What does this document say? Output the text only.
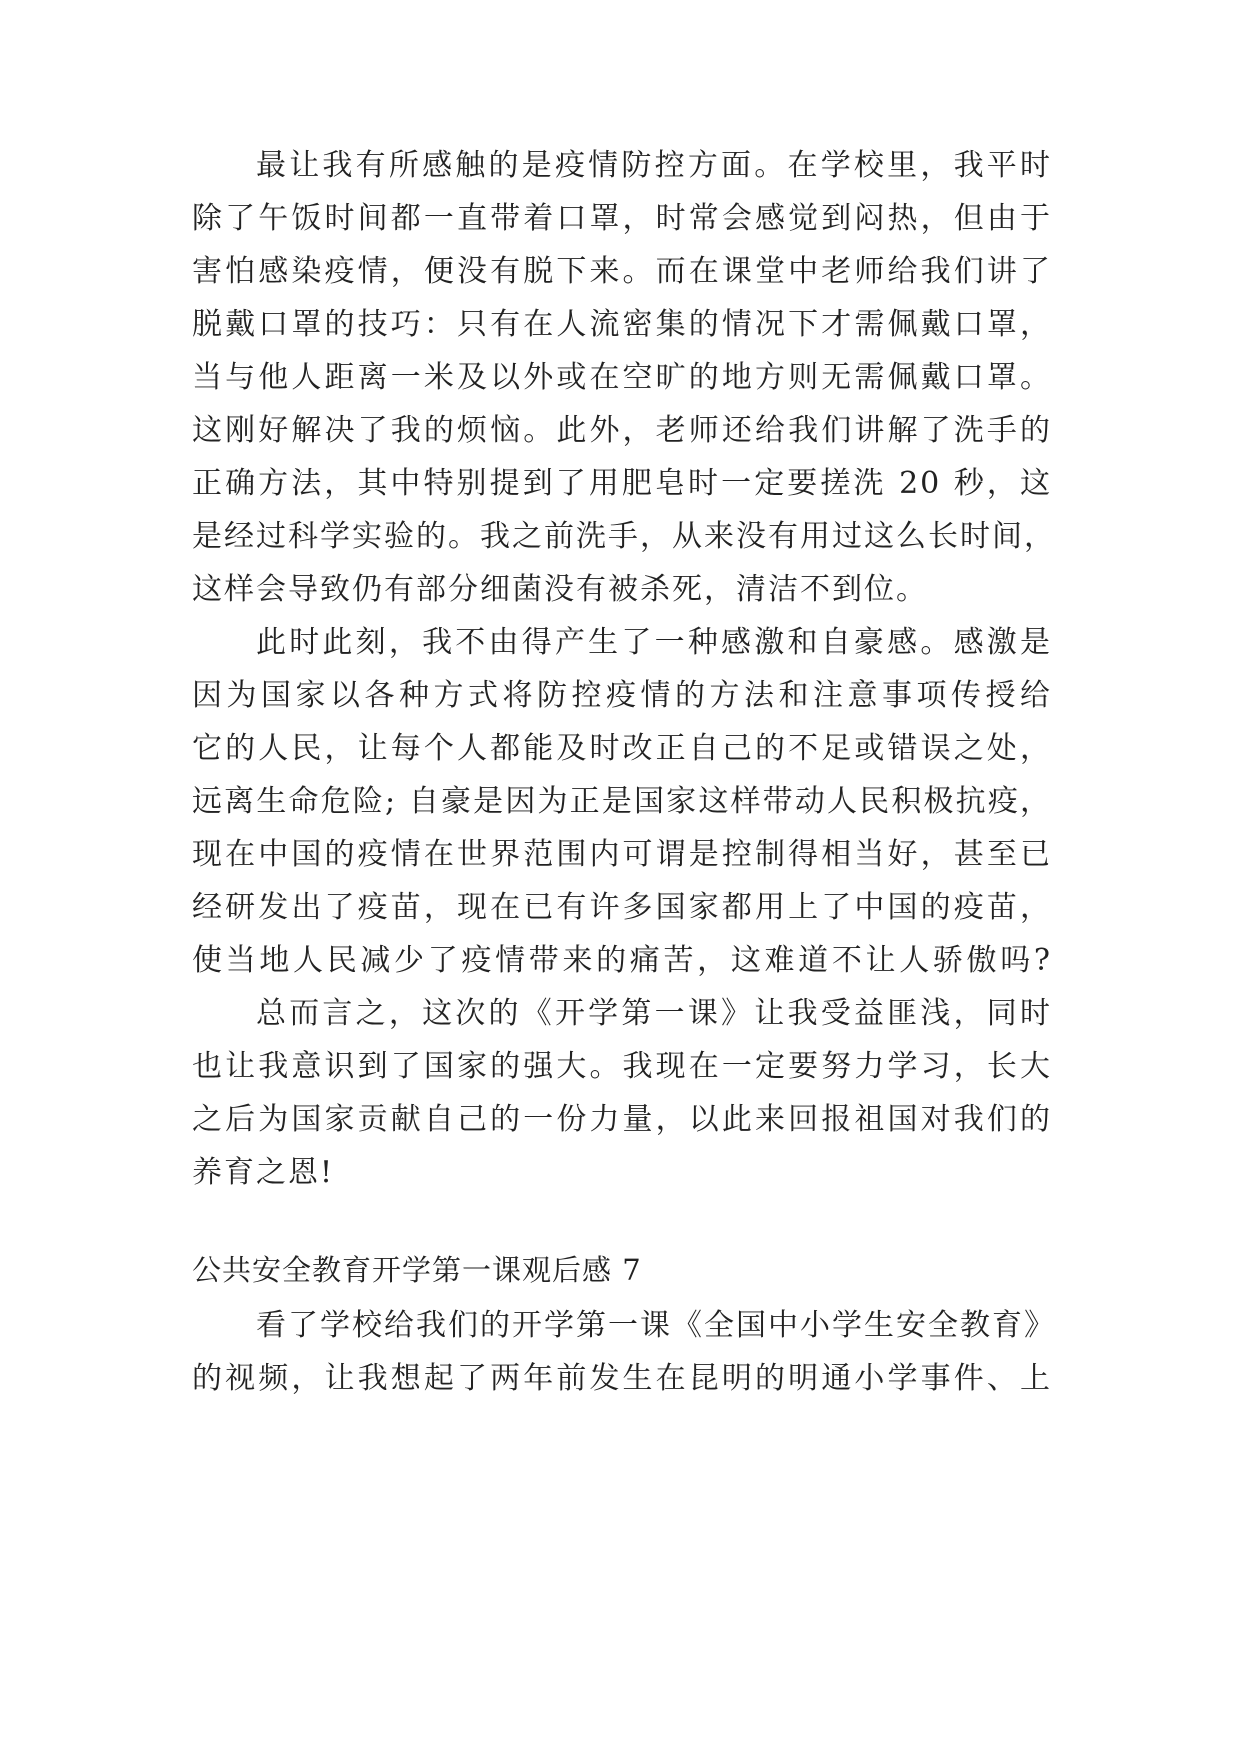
最让我有所感触的是疫情防控方面。在学校里，我平时
除了午饭时间都一直带着口罩，时常会感觉到闷热，但由于
害怕感染疫情，便没有脱下来。而在课堂中老师给我们讲了
脱戴口罩的技巧：只有在人流密集的情况下才需佩戴口罩，
当与他人距离一米及以外或在空旷的地方则无需佩戴口罩。
这刚好解决了我的烦恼。此外，老师还给我们讲解了洗手的
正确方法，其中特别提到了用肥皂时一定要搓洗 20 秒，这
是经过科学实验的。我之前洗手，从来没有用过这么长时间，
这样会导致仍有部分细菌没有被杀死，清洁不到位。
此时此刻，我不由得产生了一种感激和自豪感。感激是
因为国家以各种方式将防控疫情的方法和注意事项传授给
它的人民，让每个人都能及时改正自己的不足或错误之处，
远离生命危险; 自豪是因为正是国家这样带动人民积极抗疫，
现在中国的疫情在世界范围内可谓是控制得相当好，甚至已
经研发出了疫苗，现在已有许多国家都用上了中国的疫苗，
使当地人民减少了疫情带来的痛苦，这难道不让人骄傲吗?
总而言之，这次的《开学第一课》让我受益匪浅，同时
也让我意识到了国家的强大。我现在一定要努力学习，长大
之后为国家贡献自己的一份力量，以此来回报祖国对我们的
养育之恩!
公共安全教育开学第一课观后感 7
看了学校给我们的开学第一课《全国中小学生安全教育》
的视频，让我想起了两年前发生在昆明的明通小学事件、上
